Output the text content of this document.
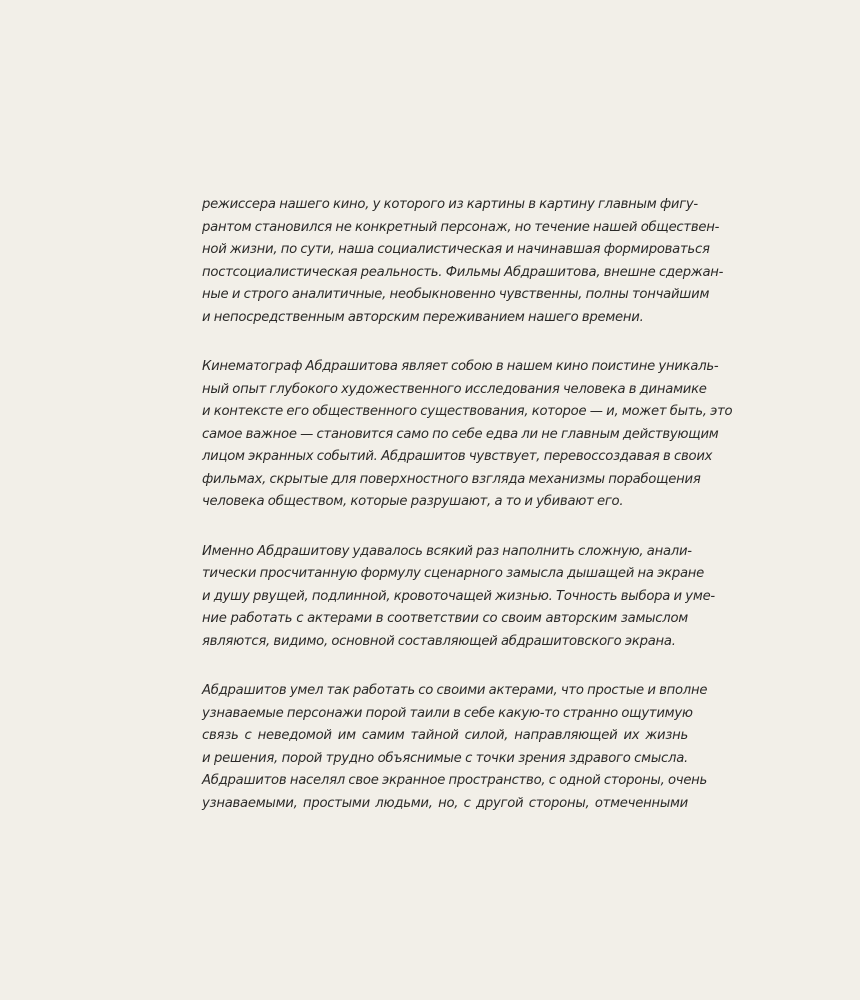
режиссера нашего кино, у которого из картины в картину главным фигу-
рантом становился не конкретный персонаж, но течение нашей обществен-
ной жизни, по сути, наша социалистическая и начинавшая формироваться
постсоциалистическая реальность. Фильмы Абдрашитова, внешне сдержан-
ные и строго аналитичные, необыкновенно чувственны, полны тончайшим
и непосредственным авторским переживанием нашего времени.

Кинематограф Абдрашитова являет собою в нашем кино поистине уникаль-
ный опыт глубокого художественного исследования человека в динамике
и контексте его общественного существования, которое — и, может быть, это
самое важное — становится само по себе едва ли не главным действующим
лицом экранных событий. Абдрашитов чувствует, перевоссоздавая в своих
фильмах, скрытые для поверхностного взгляда механизмы порабощения
человека обществом, которые разрушают, а то и убивают его.

Именно Абдрашитову удавалось всякий раз наполнить сложную, анали-
тически просчитанную формулу сценарного замысла дышащей на экране
и душу рвущей, подлинной, кровоточащей жизнью. Точность выбора и уме-
ние работать с актерами в соответствии со своим авторским замыслом
являются, видимо, основной составляющей абдрашитовского экрана.

Абдрашитов умел так работать со своими актерами, что простые и вполне
узнаваемые персонажи порой таили в себе какую-то странно ощутимую
связь с неведомой им самим тайной силой, направляющей их жизнь
и решения, порой трудно объяснимые с точки зрения здравого смысла.
Абдрашитов населял свое экранное пространство, с одной стороны, очень
узнаваемыми, простыми людьми, но, с другой стороны, отмеченными
